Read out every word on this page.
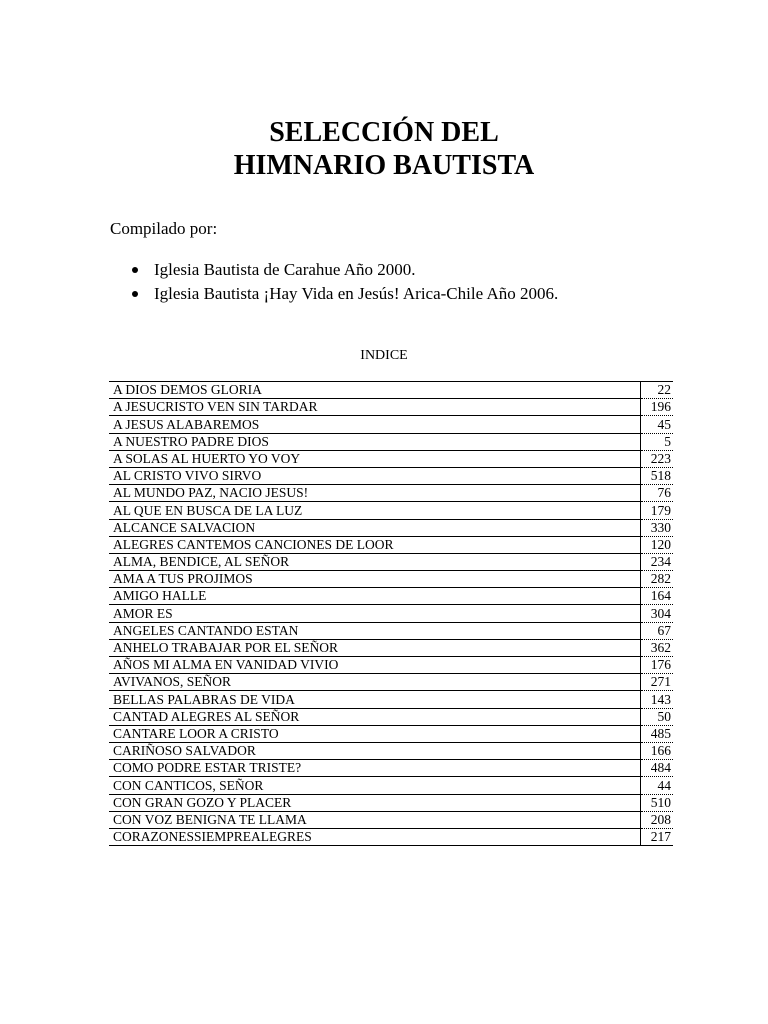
SELECCIÓN DEL
HIMNARIO BAUTISTA

Compilado por:

Iglesia Bautista de Carahue Año 2000.
Iglesia Bautista ¡Hay Vida en Jesús! Arica-Chile Año 2006.

INDICE

A DIOS DEMOS GLORIA	22
A JESUCRISTO VEN SIN TARDAR	196
A JESUS ALABAREMOS	45
A NUESTRO PADRE DIOS	5
A SOLAS AL HUERTO YO VOY	223
AL CRISTO VIVO SIRVO	518
AL MUNDO PAZ, NACIO JESUS!	76
AL QUE EN BUSCA DE LA LUZ	179
ALCANCE SALVACION	330
ALEGRES CANTEMOS CANCIONES DE LOOR	120
ALMA, BENDICE, AL SEÑOR	234
AMA A TUS PROJIMOS	282
AMIGO HALLE	164
AMOR ES	304
ANGELES CANTANDO ESTAN	67
ANHELO TRABAJAR POR EL SEÑOR	362
AÑOS MI ALMA EN VANIDAD VIVIO	176
AVIVANOS, SEÑOR	271
BELLAS PALABRAS DE VIDA	143
CANTAD ALEGRES AL SEÑOR	50
CANTARE LOOR A CRISTO	485
CARIÑOSO SALVADOR	166
COMO PODRE ESTAR TRISTE?	484
CON CANTICOS, SEÑOR	44
CON GRAN GOZO Y PLACER	510
CON VOZ BENIGNA TE LLAMA	208
CORAZONESSIEMPREALEGRES	217
